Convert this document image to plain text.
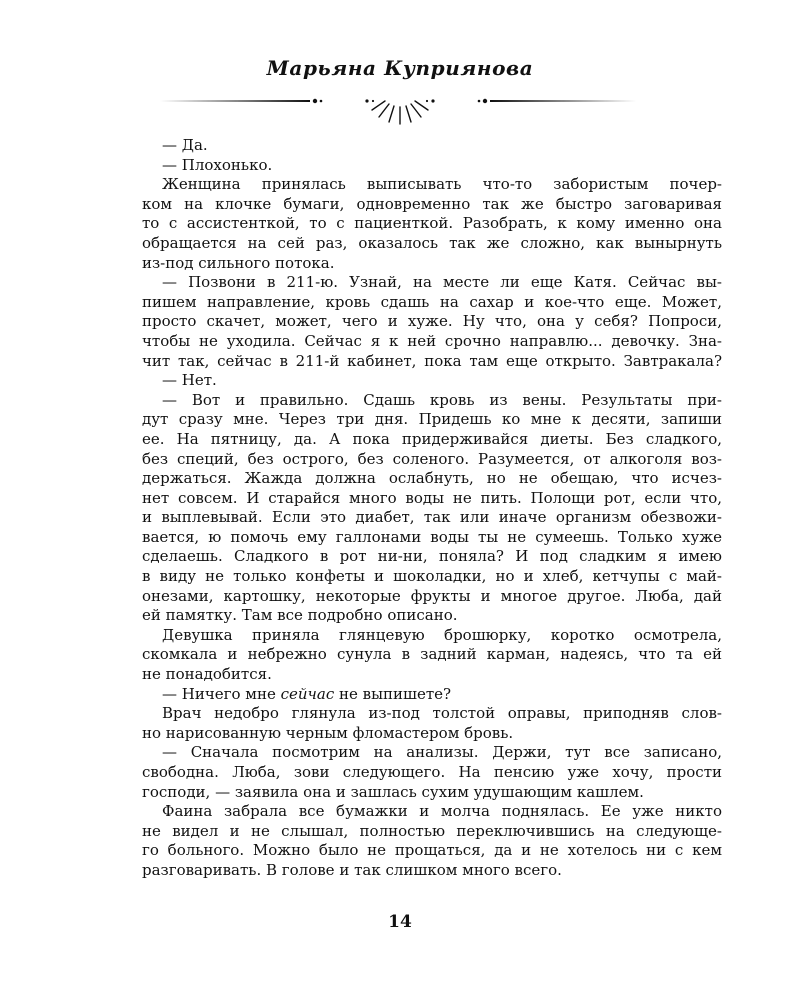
Марьяна Куприянова

— Да.

— Плохонько.

Женщина принялась выписывать что-то забористым почер-
ком на клочке бумаги, одновременно так же быстро заговаривая
то с ассистенткой, то с пациенткой. Разобрать, к кому именно она
обращается на сей раз, оказалось так же сложно, как вынырнуть
из-под сильного потока.

— Позвони в 211-ю. Узнай, на месте ли еще Катя. Сейчас вы-
пишем направление, кровь сдашь на сахар и кое-что еще. Может,
просто скачет, может, чего и хуже. Ну что, она у себя? Попроси,
чтобы не уходила. Сейчас я к ней срочно направлю... девочку. Зна-
чит так, сейчас в 211-й кабинет, пока там еще открыто. Завтракала?

— Нет.

— Вот и правильно. Сдашь кровь из вены. Результаты при-
дут сразу мне. Через три дня. Придешь ко мне к десяти, запиши
ее. На пятницу, да. А пока придерживайся диеты. Без сладкого,
без специй, без острого, без соленого. Разумеется, от алкоголя воз-
держаться. Жажда должна ослабнуть, но не обещаю, что исчез-
нет совсем. И старайся много воды не пить. Полощи рот, если что,
и выплевывай. Если это диабет, так или иначе организм обезвожи-
вается, ю помочь ему галлонами воды ты не сумеешь. Только хуже
сделаешь. Сладкого в рот ни-ни, поняла? И под сладким я имею
в виду не только конфеты и шоколадки, но и хлеб, кетчупы с май-
онезами, картошку, некоторые фрукты и многое другое. Люба, дай
ей памятку. Там все подробно описано.

Девушка приняла глянцевую брошюрку, коротко осмотрела,
скомкала и небрежно сунула в задний карман, надеясь, что та ей
не понадобится.

— Ничего мне сейчас не выпишете?

Врач недобро глянула из-под толстой оправы, приподняв слов-
но нарисованную черным фломастером бровь.

— Сначала посмотрим на анализы. Держи, тут все записано,
свободна. Люба, зови следующего. На пенсию уже хочу, прости
господи, — заявила она и зашлась сухим удушающим кашлем.

Фаина забрала все бумажки и молча поднялась. Ее уже никто
не видел и не слышал, полностью переключившись на следующе-
го больного. Можно было не прощаться, да и не хотелось ни с кем
разговаривать. В голове и так слишком много всего.

14
